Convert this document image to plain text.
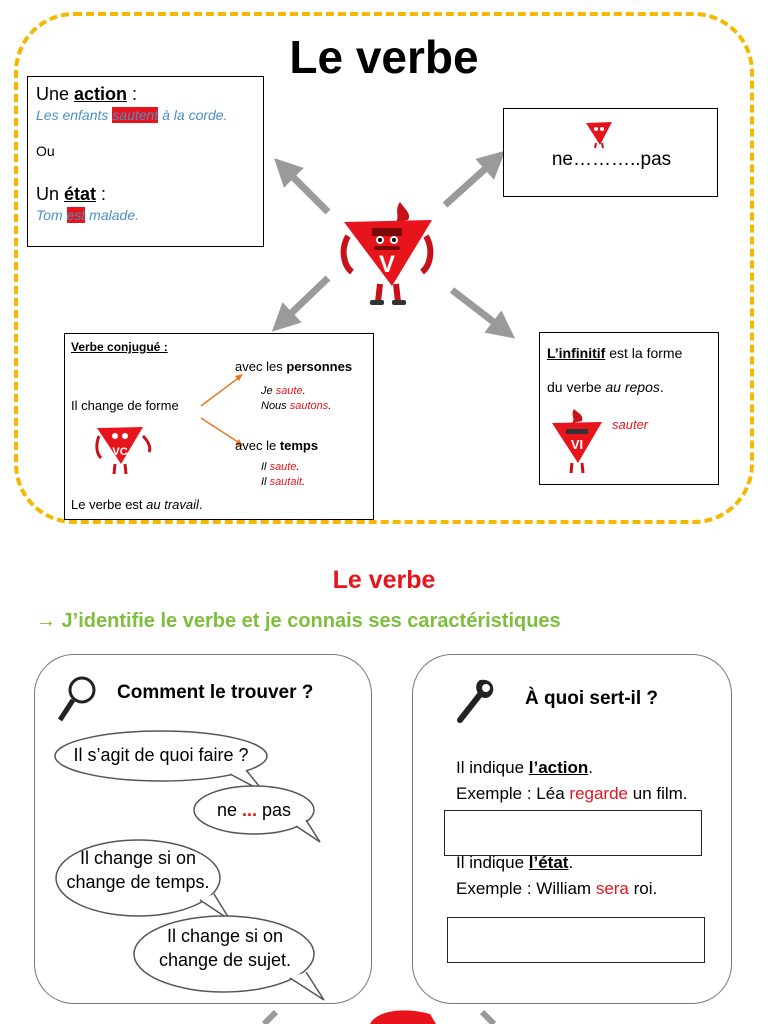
Le verbe
V
Une action :
Les enfants sautent à la corde.
Ou
Un état :
Tom est malade.
ne………..pas
Verbe conjugué :
Il change de forme
avec les personnes
Je saute.
Nous sautons.
avec le temps
Il saute.
Il sautait.
VC
Le verbe est au travail.
L’infinitif est la forme
du verbe au repos.
VI
sauter
Le verbe
→ J’identifie le verbe et je connais ses caractéristiques
Comment le trouver ?
Il s’agit de quoi faire ?
ne ... pas
Il change si on change de temps.
Il change si on change de sujet.
À quoi sert-il ?
Il indique l’action.
Exemple : Léa regarde un film.
Il indique l’état.
Exemple : William sera roi.
